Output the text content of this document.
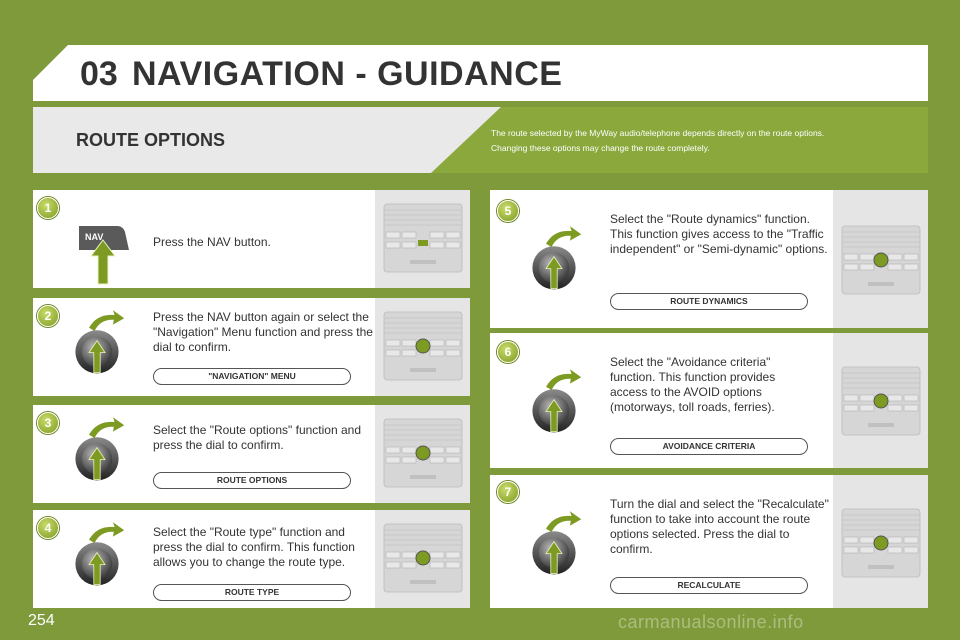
03 NAVIGATION - GUIDANCE
ROUTE OPTIONS	The route selected by the MyWay audio/telephone depends directly on the route options.
Changing these options may change the route completely.
NAV	Press the NAV button.
Press the NAV button again or select the "Navigation" Menu function and press the dial to confirm.
"NAVIGATION" MENU
Select the "Route options" function and press the dial to confirm.
ROUTE OPTIONS
Select the "Route type" function and press the dial to confirm. This function allows you to change the route type.
ROUTE TYPE
Select the "Route dynamics" function. This function gives access to the "Traffic independent" or "Semi-dynamic" options.
ROUTE DYNAMICS
Select the "Avoidance criteria" function. This function provides access to the AVOID options (motorways, toll roads, ferries).
AVOIDANCE CRITERIA
Turn the dial and select the "Recalculate" function to take into account the route options selected. Press the dial to confirm.
RECALCULATE
1
2
3
4
5
6
7
254	carmanualsonline.info
